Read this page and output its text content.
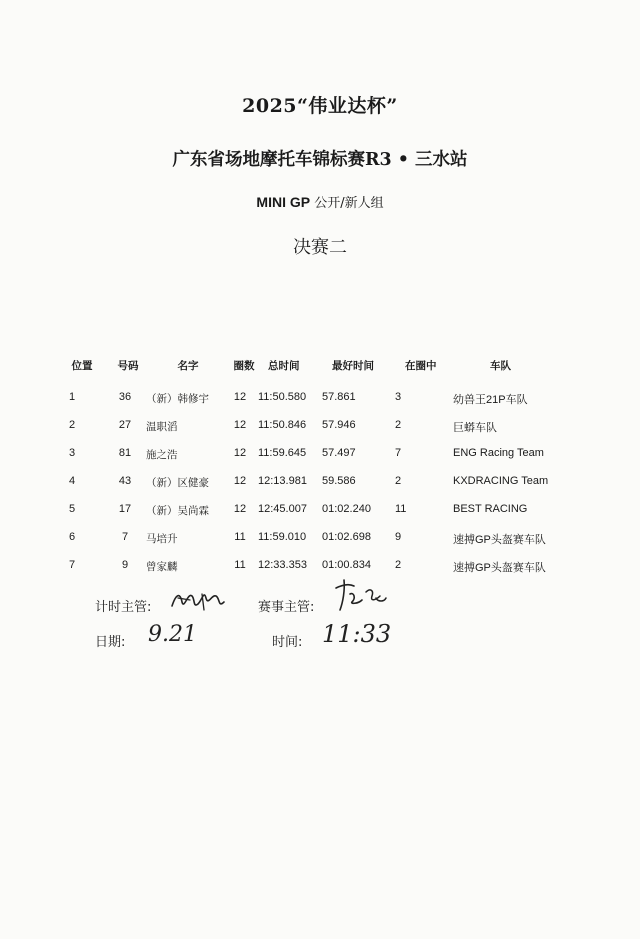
2025“伟业达杯”
广东省场地摩托车锦标赛R3 • 三水站
MINI GP 公开/新人组
决赛二
位置	号码	名字	圈数	总时间	最好时间	在圈中	车队
1	36	（新）韩修宇	12	11:50.580	57.861	3	幼兽王21P车队
2	27	温职滔	12	11:50.846	57.946	2	巨蟒车队
3	81	施之浩	12	11:59.645	57.497	7	ENG Racing Team
4	43	（新）区健豪	12	12:13.981	59.586	2	KXDRACING Team
5	17	（新）吴尚霖	12	12:45.007	01:02.240	11	BEST RACING
6	7	马培升	11	11:59.010	01:02.698	9	速搏GP头盔赛车队
7	9	曾家麟	11	12:33.353	01:00.834	2	速搏GP头盔赛车队
计时主管:	赛事主管:
日期: 9.21	时间: 11:33
